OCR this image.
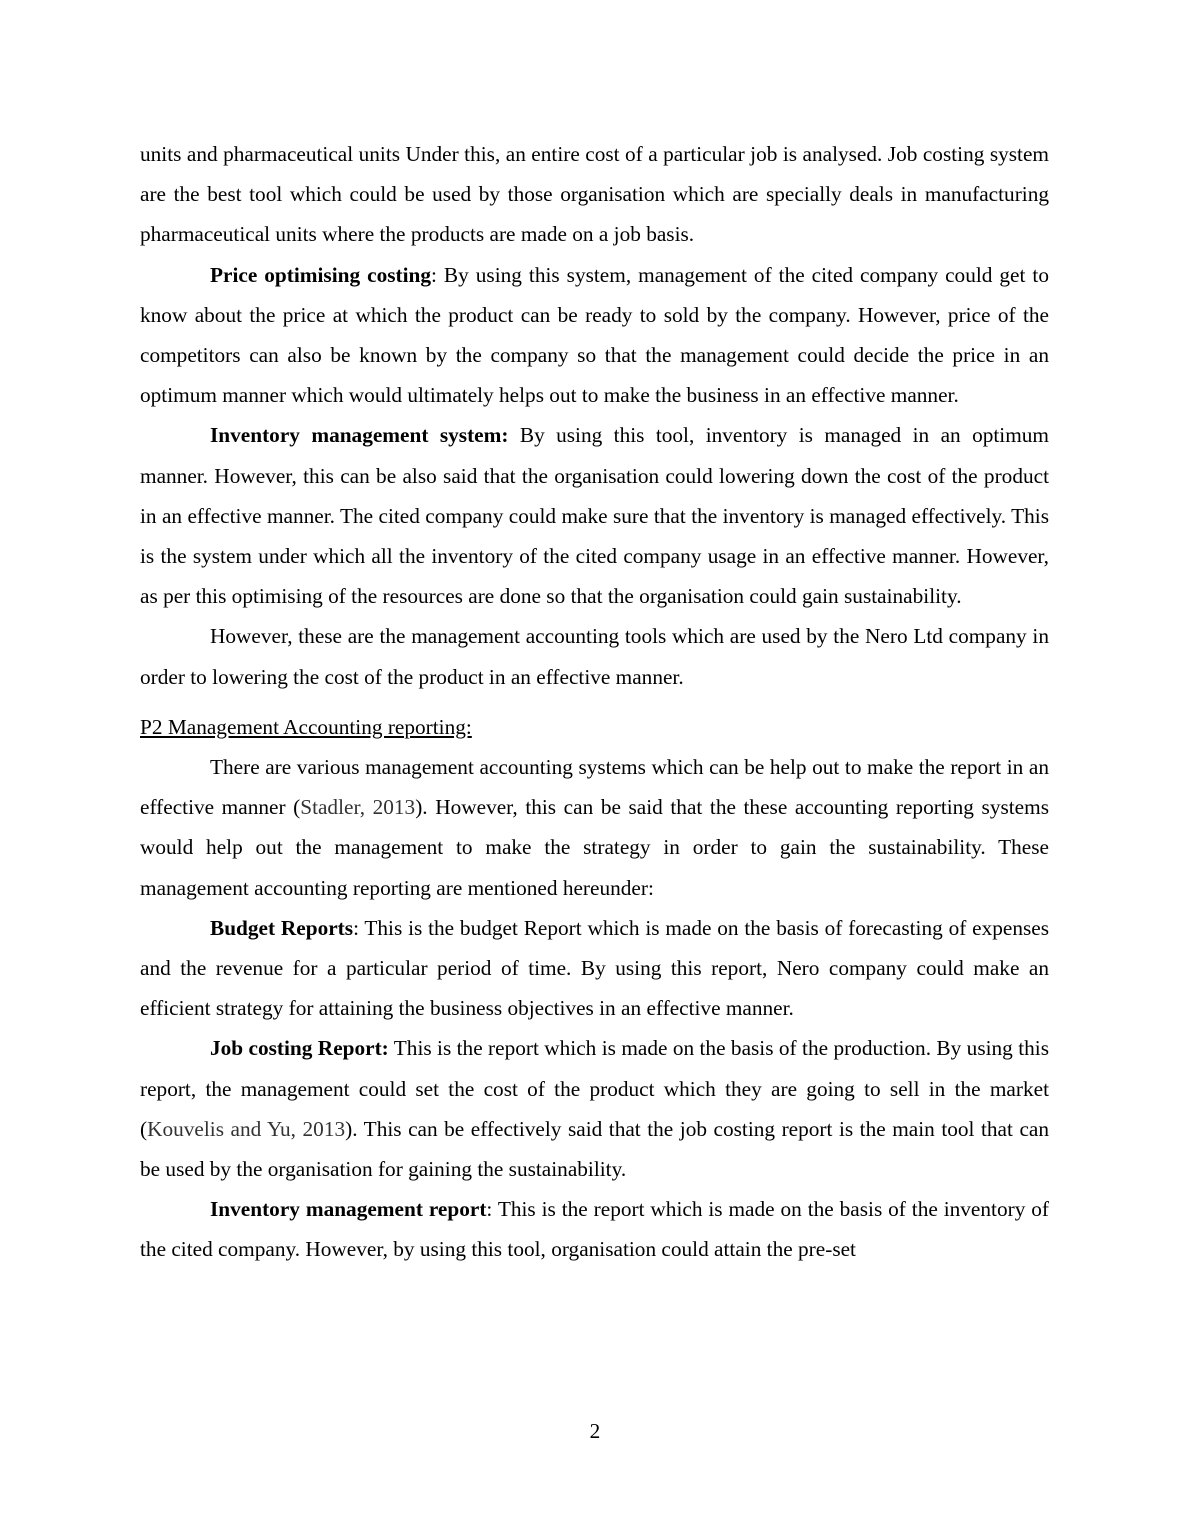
units and pharmaceutical units Under this, an entire cost of a particular job is analysed. Job costing system are the best tool which could be used by those organisation which are specially deals in manufacturing pharmaceutical units where the products are made on a job basis.

Price optimising costing: By using this system, management of the cited company could get to know about the price at which the product can be ready to sold by the company. However, price of the competitors can also be known by the company so that the management could decide the price in an optimum manner which would ultimately helps out to make the business in an effective manner.

Inventory management system: By using this tool, inventory is managed in an optimum manner. However, this can be also said that the organisation could lowering down the cost of the product in an effective manner. The cited company could make sure that the inventory is managed effectively. This is the system under which all the inventory of the cited company usage in an effective manner. However, as per this optimising of the resources are done so that the organisation could gain sustainability.

However, these are the management accounting tools which are used by the Nero Ltd company in order to lowering the cost of the product in an effective manner.

P2 Management Accounting reporting:

There are various management accounting systems which can be help out to make the report in an effective manner (Stadler, 2013). However, this can be said that the these accounting reporting systems would help out the management to make the strategy in order to gain the sustainability. These management accounting reporting are mentioned hereunder:

Budget Reports: This is the budget Report which is made on the basis of forecasting of expenses and the revenue for a particular period of time. By using this report, Nero company could make an efficient strategy for attaining the business objectives in an effective manner.

Job costing Report: This is the report which is made on the basis of the production. By using this report, the management could set the cost of the product which they are going to sell in the market (Kouvelis and Yu, 2013). This can be effectively said that the job costing report is the main tool that can be used by the organisation for gaining the sustainability.

Inventory management report: This is the report which is made on the basis of the inventory of the cited company. However, by using this tool, organisation could attain the pre-set

2
